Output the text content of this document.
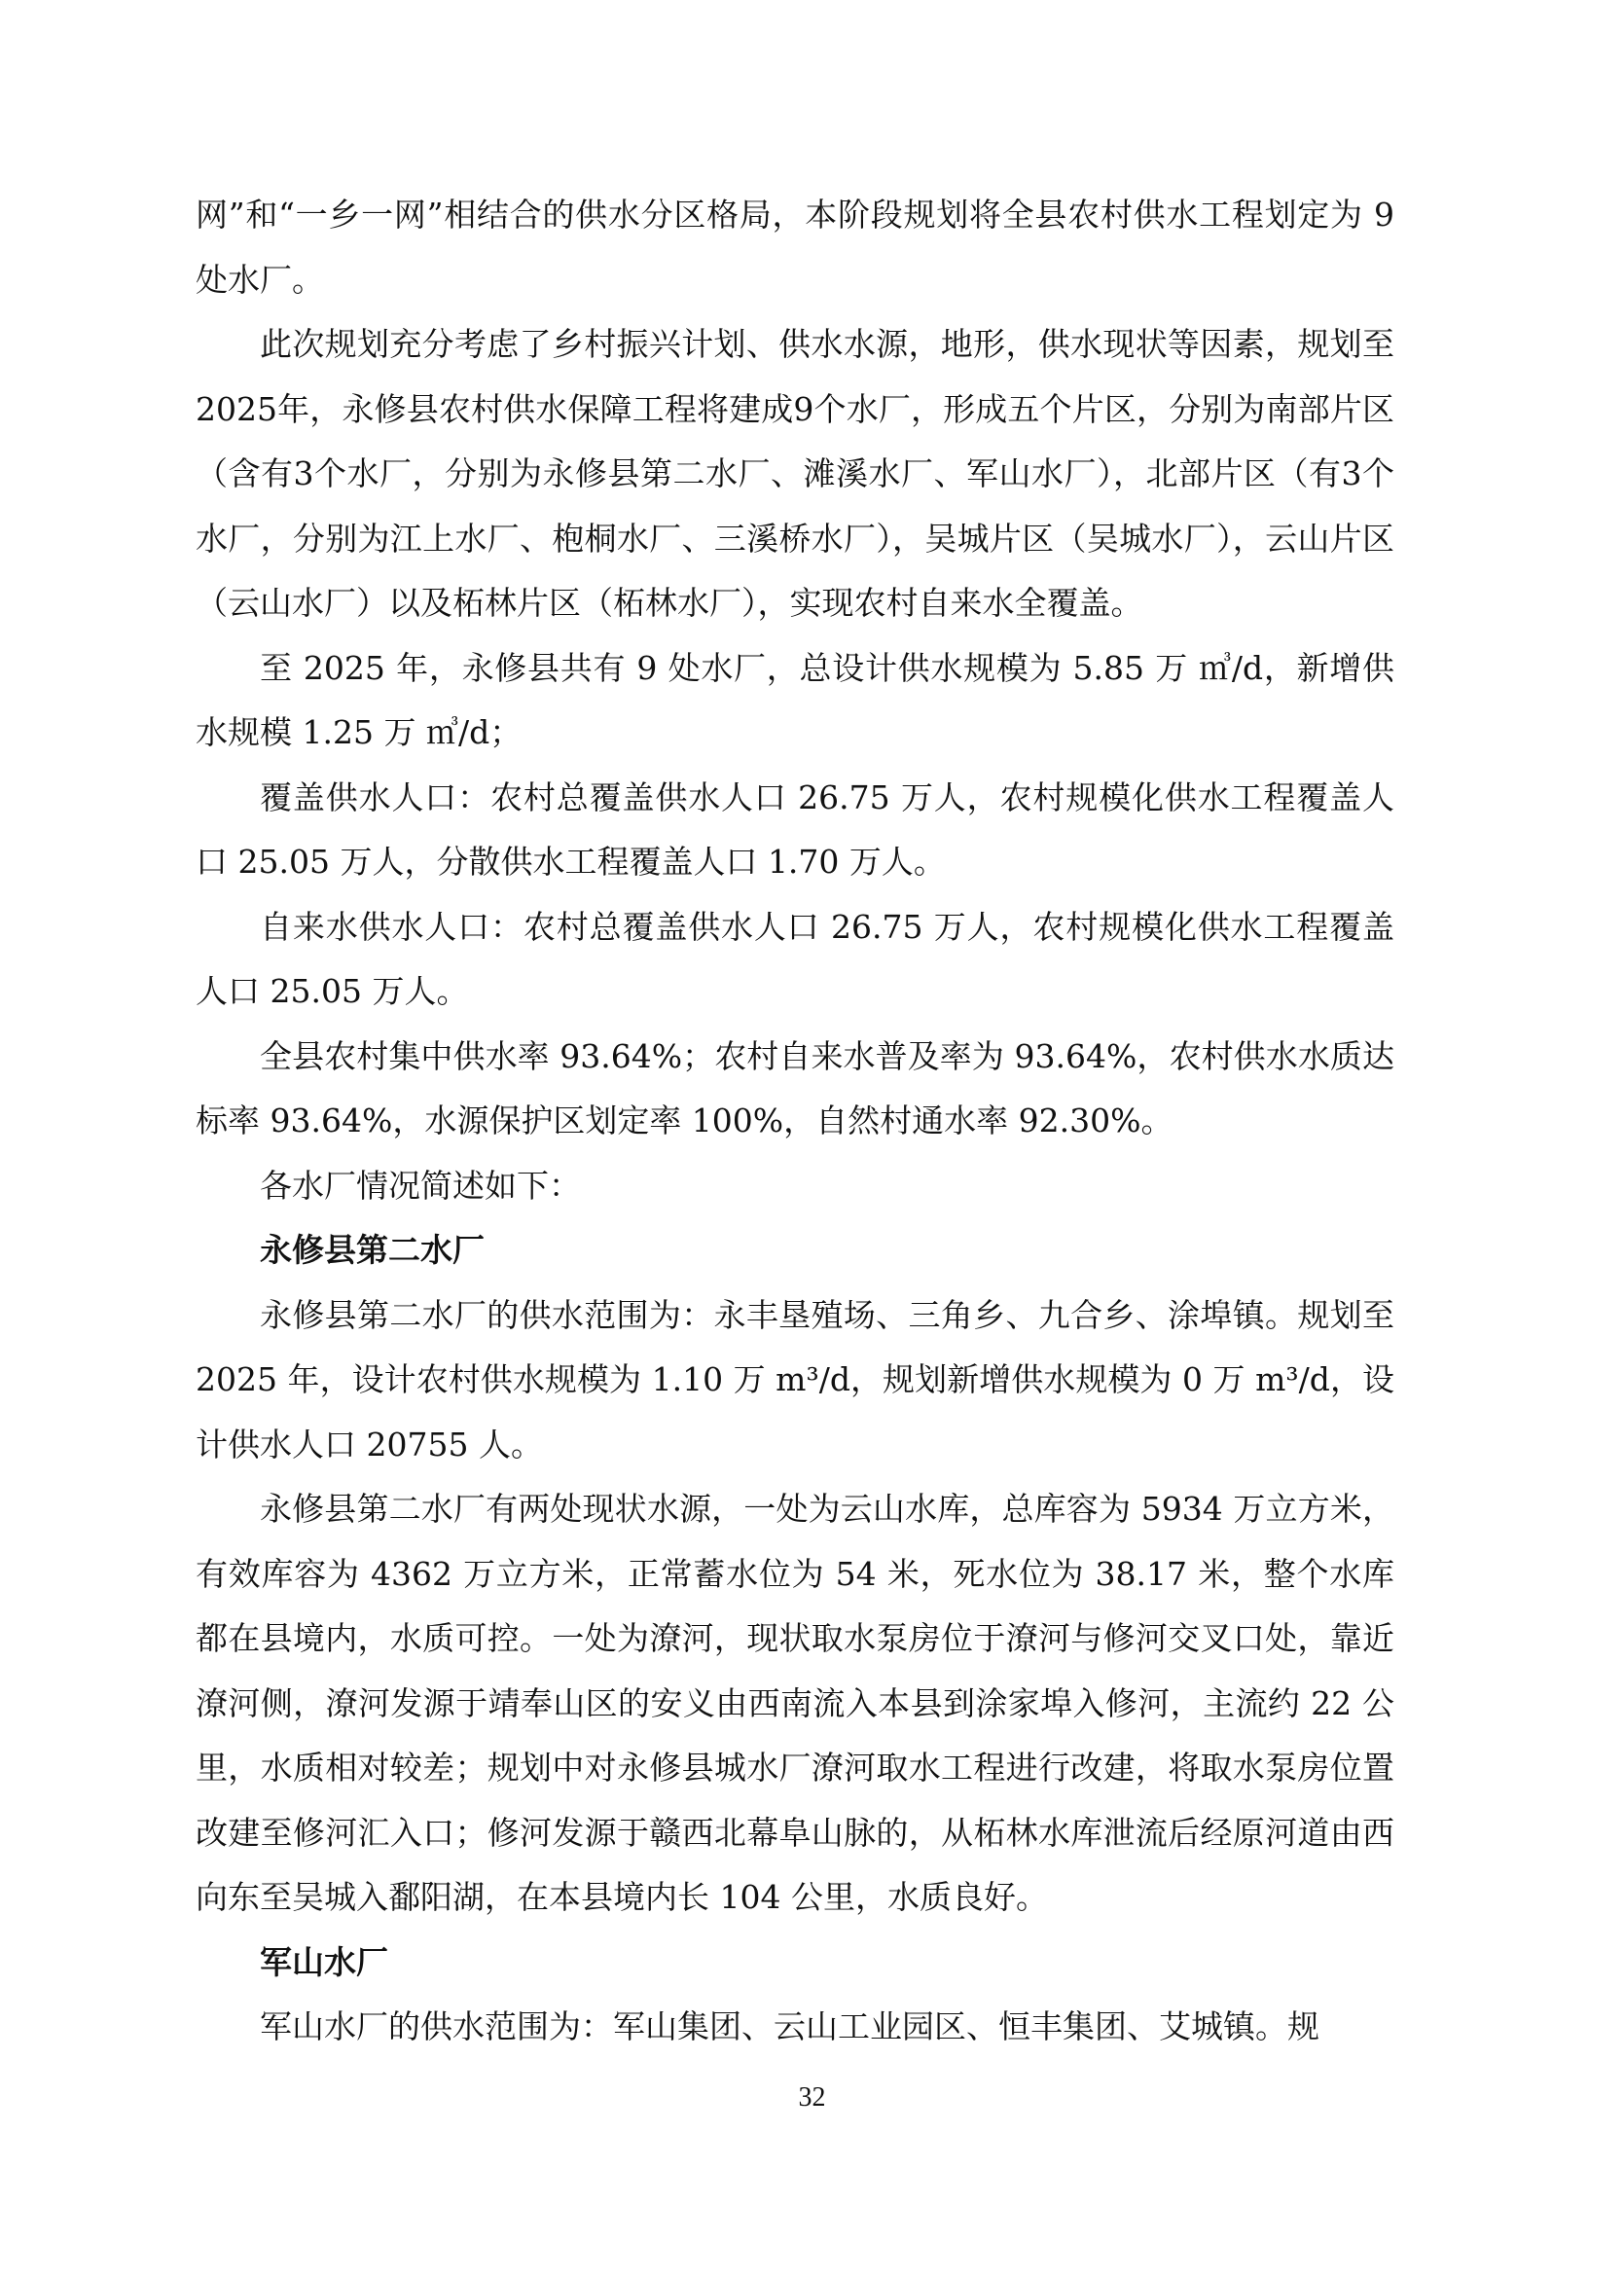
网”和“一乡一网”相结合的供水分区格局，本阶段规划将全县农村供水工程划定为 9 处水厂。

此次规划充分考虑了乡村振兴计划、供水水源，地形，供水现状等因素，规划至2025年，永修县农村供水保障工程将建成9个水厂，形成五个片区，分别为南部片区（含有3个水厂，分别为永修县第二水厂、滩溪水厂、军山水厂），北部片区（有3个水厂，分别为江上水厂、枹桐水厂、三溪桥水厂），吴城片区（吴城水厂），云山片区（云山水厂）以及柘林片区（柘林水厂），实现农村自来水全覆盖。

至 2025 年，永修县共有 9 处水厂，总设计供水规模为 5.85 万 ㎥/d，新增供水规模 1.25 万 ㎥/d；

覆盖供水人口：农村总覆盖供水人口 26.75 万人，农村规模化供水工程覆盖人口 25.05 万人，分散供水工程覆盖人口 1.70 万人。

自来水供水人口：农村总覆盖供水人口 26.75 万人，农村规模化供水工程覆盖人口 25.05 万人。

全县农村集中供水率 93.64%；农村自来水普及率为 93.64%，农村供水水质达标率 93.64%，水源保护区划定率 100%，自然村通水率 92.30%。

各水厂情况简述如下：

永修县第二水厂

永修县第二水厂的供水范围为：永丰垦殖场、三角乡、九合乡、涂埠镇。规划至 2025 年，设计农村供水规模为 1.10 万 m³/d，规划新增供水规模为 0 万 m³/d，设计供水人口 20755 人。

永修县第二水厂有两处现状水源，一处为云山水库，总库容为 5934 万立方米，有效库容为 4362 万立方米，正常蓄水位为 54 米，死水位为 38.17 米，整个水库都在县境内，水质可控。一处为潦河，现状取水泵房位于潦河与修河交叉口处，靠近潦河侧，潦河发源于靖奉山区的安义由西南流入本县到涂家埠入修河，主流约 22 公里，水质相对较差；规划中对永修县城水厂潦河取水工程进行改建，将取水泵房位置改建至修河汇入口；修河发源于赣西北幕阜山脉的，从柘林水库泄流后经原河道由西向东至吴城入鄱阳湖，在本县境内长 104 公里，水质良好。

军山水厂

军山水厂的供水范围为：军山集团、云山工业园区、恒丰集团、艾城镇。规

32
